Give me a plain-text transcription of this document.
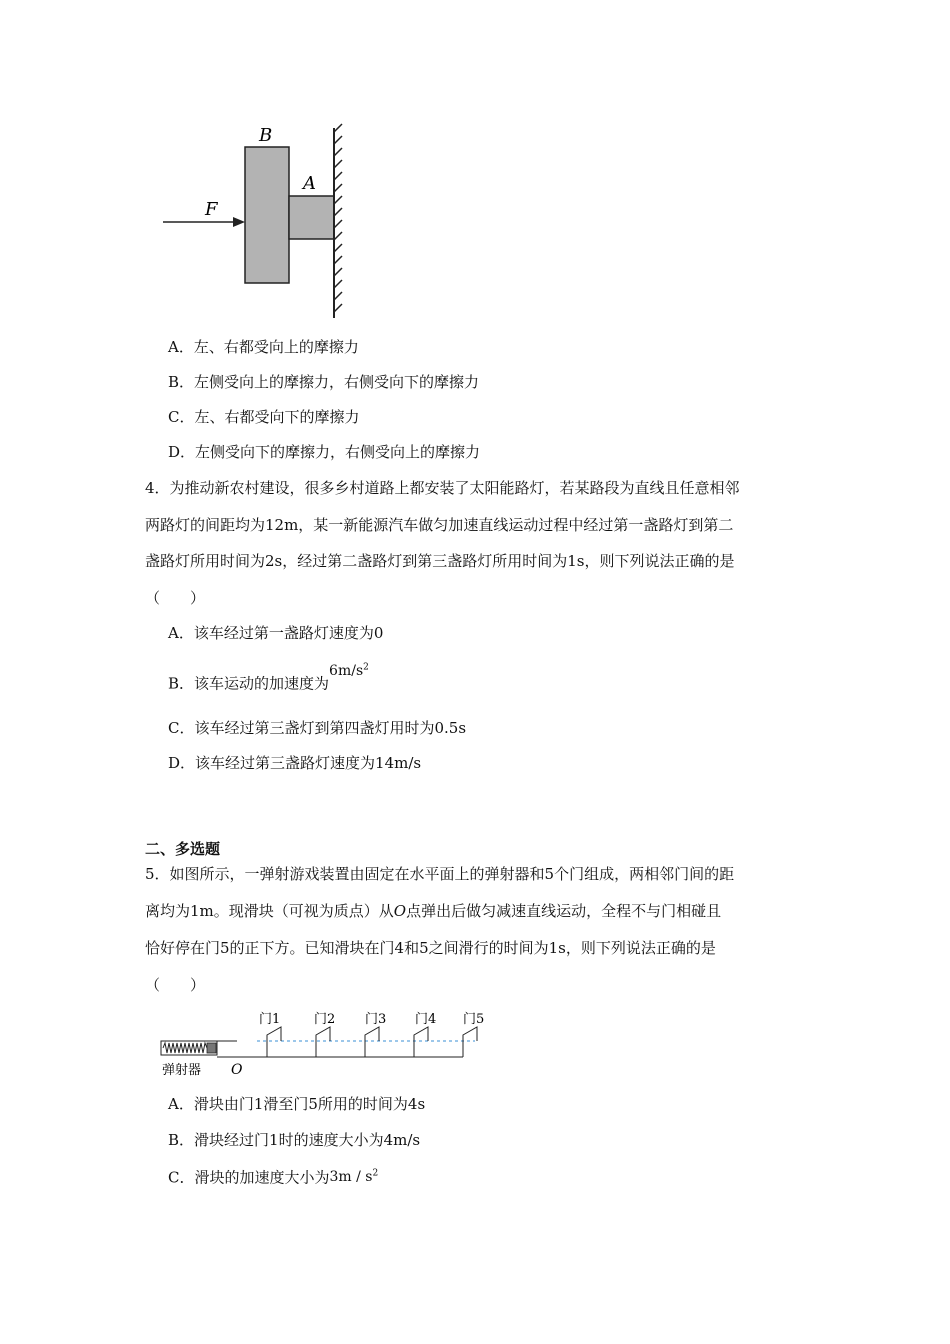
B
A
F
A．左、右都受向上的摩擦力
B．左侧受向上的摩擦力，右侧受向下的摩擦力
C．左、右都受向下的摩擦力
D．左侧受向下的摩擦力，右侧受向上的摩擦力
4．为推动新农村建设，很多乡村道路上都安装了太阳能路灯，若某路段为直线且任意相邻
两路灯的间距均为12m，某一新能源汽车做匀加速直线运动过程中经过第一盏路灯到第二
盏路灯所用时间为2s，经过第二盏路灯到第三盏路灯所用时间为1s，则下列说法正确的是
（　　）
A．该车经过第一盏路灯速度为0
B．该车运动的加速度为$6m/s^2$
C．该车经过第三盏灯到第四盏灯用时为0.5s
D．该车经过第三盏路灯速度为14m/s
二、多选题
5．如图所示，一弹射游戏装置由固定在水平面上的弹射器和5个门组成，两相邻门间的距
离均为1m。现滑块（可视为质点）从O点弹出后做匀减速直线运动，全程不与门相碰且
恰好停在门5的正下方。已知滑块在门4和5之间滑行的时间为1s，则下列说法正确的是
（　　）
门1	门2 门3 门4 门5
弹射器 O
A．滑块由门1滑至门5所用的时间为4s
B．滑块经过门1时的速度大小为4m/s
C．滑块的加速度大小为$3m / s^2$
